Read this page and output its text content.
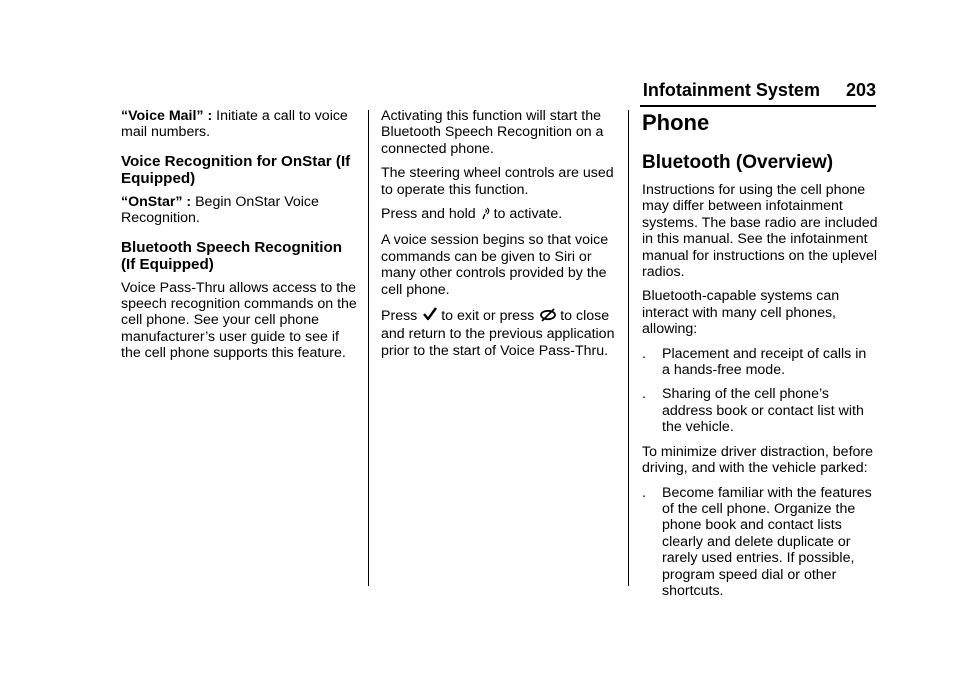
Infotainment System 203

“Voice Mail” : Initiate a call to voice mail numbers.

Voice Recognition for OnStar (If Equipped)

“OnStar” : Begin OnStar Voice Recognition.

Bluetooth Speech Recognition (If Equipped)

Voice Pass-Thru allows access to the speech recognition commands on the cell phone. See your cell phone manufacturer’s user guide to see if the cell phone supports this feature.

Activating this function will start the Bluetooth Speech Recognition on a connected phone.

The steering wheel controls are used to operate this function.

Press and hold to activate.

A voice session begins so that voice commands can be given to Siri or many other controls provided by the cell phone.

Press to exit or press to close and return to the previous application prior to the start of Voice Pass-Thru.

Phone
Bluetooth (Overview)

Instructions for using the cell phone may differ between infotainment systems. The base radio are included in this manual. See the infotainment manual for instructions on the uplevel radios.

Bluetooth-capable systems can interact with many cell phones, allowing:

. Placement and receipt of calls in a hands-free mode.
. Sharing of the cell phone’s address book or contact list with the vehicle.

To minimize driver distraction, before driving, and with the vehicle parked:

. Become familiar with the features of the cell phone. Organize the phone book and contact lists clearly and delete duplicate or rarely used entries. If possible, program speed dial or other shortcuts.
